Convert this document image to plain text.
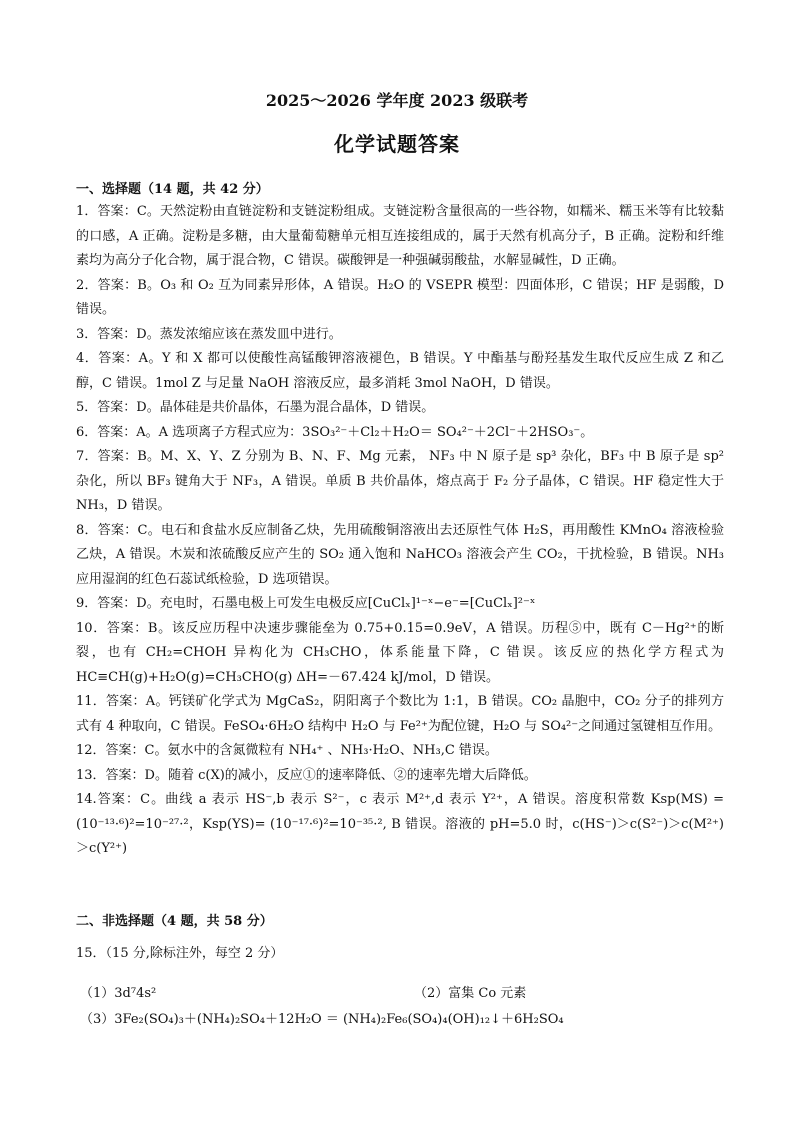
2025～2026 学年度 2023 级联考
化学试题答案
一、选择题（14 题，共 42 分）

1．答案：C。天然淀粉由直链淀粉和支链淀粉组成。支链淀粉含量很高的一些谷物，如糯米、糯玉米等有比较黏的口感，A 正确。淀粉是多糖，由大量葡萄糖单元相互连接组成的，属于天然有机高分子，B 正确。淀粉和纤维素均为高分子化合物，属于混合物，C 错误。碳酸钾是一种强碱弱酸盐，水解显碱性，D 正确。

2．答案：B。O₃ 和 O₂ 互为同素异形体，A 错误。H₂O 的 VSEPR 模型：四面体形，C 错误；HF 是弱酸，D 错误。

3．答案：D。蒸发浓缩应该在蒸发皿中进行。

4．答案：A。Y 和 X 都可以使酸性高锰酸钾溶液褪色，B 错误。Y 中酯基与酚羟基发生取代反应生成 Z 和乙醇，C 错误。1mol Z 与足量 NaOH 溶液反应，最多消耗 3mol NaOH，D 错误。

5．答案：D。晶体硅是共价晶体，石墨为混合晶体，D 错误。

6．答案：A。A 选项离子方程式应为：3SO₃²⁻＋Cl₂＋H₂O＝ SO₄²⁻＋2Cl⁻＋2HSO₃⁻。

7．答案：B。M、X、Y、Z 分别为 B、N、F、Mg 元素， NF₃ 中 N 原子是 sp³ 杂化，BF₃ 中 B 原子是 sp² 杂化，所以 BF₃ 键角大于 NF₃，A 错误。单质 B 共价晶体，熔点高于 F₂ 分子晶体，C 错误。HF 稳定性大于 NH₃，D 错误。

8．答案：C。电石和食盐水反应制备乙炔，先用硫酸铜溶液出去还原性气体 H₂S，再用酸性 KMnO₄ 溶液检验乙炔，A 错误。木炭和浓硫酸反应产生的 SO₂ 通入饱和 NaHCO₃ 溶液会产生 CO₂，干扰检验，B 错误。NH₃ 应用湿润的红色石蕊试纸检验，D 选项错误。

9．答案：D。充电时，石墨电极上可发生电极反应[CuClₓ]¹⁻ˣ−e⁻=[CuClₓ]²⁻ˣ

10．答案：B。该反应历程中决速步骤能垒为 0.75+0.15=0.9eV，A 错误。历程⑤中，既有 C－Hg²⁺的断裂，也有 CH₂=CHOH 异构化为 CH₃CHO，体系能量下降，C 错误。该反应的热化学方程式为 HC≡CH(g)+H₂O(g)=CH₃CHO(g) ΔH=－67.424 kJ/mol，D 错误。

11．答案：A。钙镁矿化学式为 MgCaS₂，阴阳离子个数比为 1:1，B 错误。CO₂ 晶胞中，CO₂ 分子的排列方式有 4 种取向，C 错误。FeSO₄·6H₂O 结构中 H₂O 与 Fe²⁺为配位键，H₂O 与 SO₄²⁻之间通过氢键相互作用。

12．答案：C。氨水中的含氮微粒有 NH₄⁺ 、NH₃·H₂O、NH₃,C 错误。

13．答案：D。随着 c(X)的减小，反应①的速率降低、②的速率先增大后降低。

14.答案：C。曲线 a 表示 HS⁻,b 表示 S²⁻，c 表示 M²⁺,d 表示 Y²⁺，A 错误。溶度积常数 Ksp(MS) =(10⁻¹³·⁶)²=10⁻²⁷·²，Ksp(YS)= (10⁻¹⁷·⁶)²=10⁻³⁵·², B 错误。溶液的 pH=5.0 时，c(HS⁻)＞c(S²⁻)＞c(M²⁺)＞c(Y²⁺)

二、非选择题（4 题，共 58 分）

15．（15 分,除标注外，每空 2 分）

（1）3d⁷4s²	（2）富集 Co 元素
（3）3Fe₂(SO₄)₃＋(NH₄)₂SO₄＋12H₂O ＝ (NH₄)₂Fe₆(SO₄)₄(OH)₁₂↓＋6H₂SO₄
